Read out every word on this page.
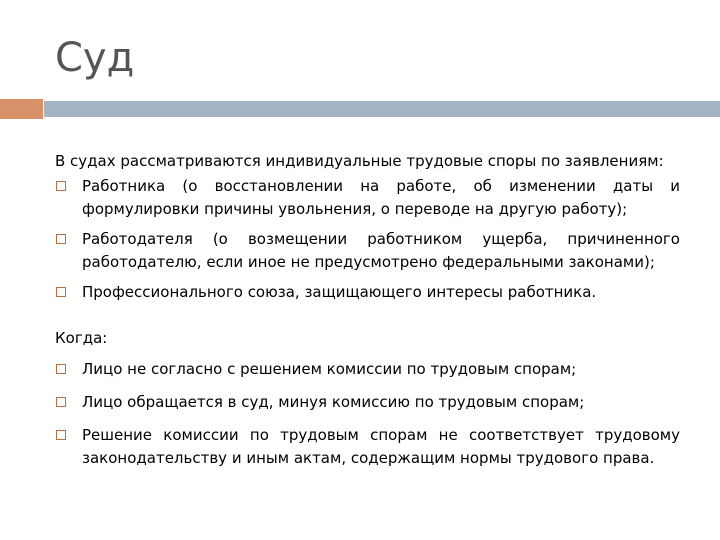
Суд

В судах рассматриваются индивидуальные трудовые споры по заявлениям:

Работника (о восстановлении на работе, об изменении даты и формулировки причины увольнения, о переводе на другую работу);
Работодателя (о возмещении работником ущерба, причиненного работодателю, если иное не предусмотрено федеральными законами);
Профессионального союза, защищающего интересы работника.

Когда:

Лицо не согласно с решением комиссии по трудовым спорам;
Лицо обращается в суд, минуя комиссию по трудовым спорам;
Решение комиссии по трудовым спорам не соответствует трудовому законодательству и иным актам, содержащим нормы трудового права.
